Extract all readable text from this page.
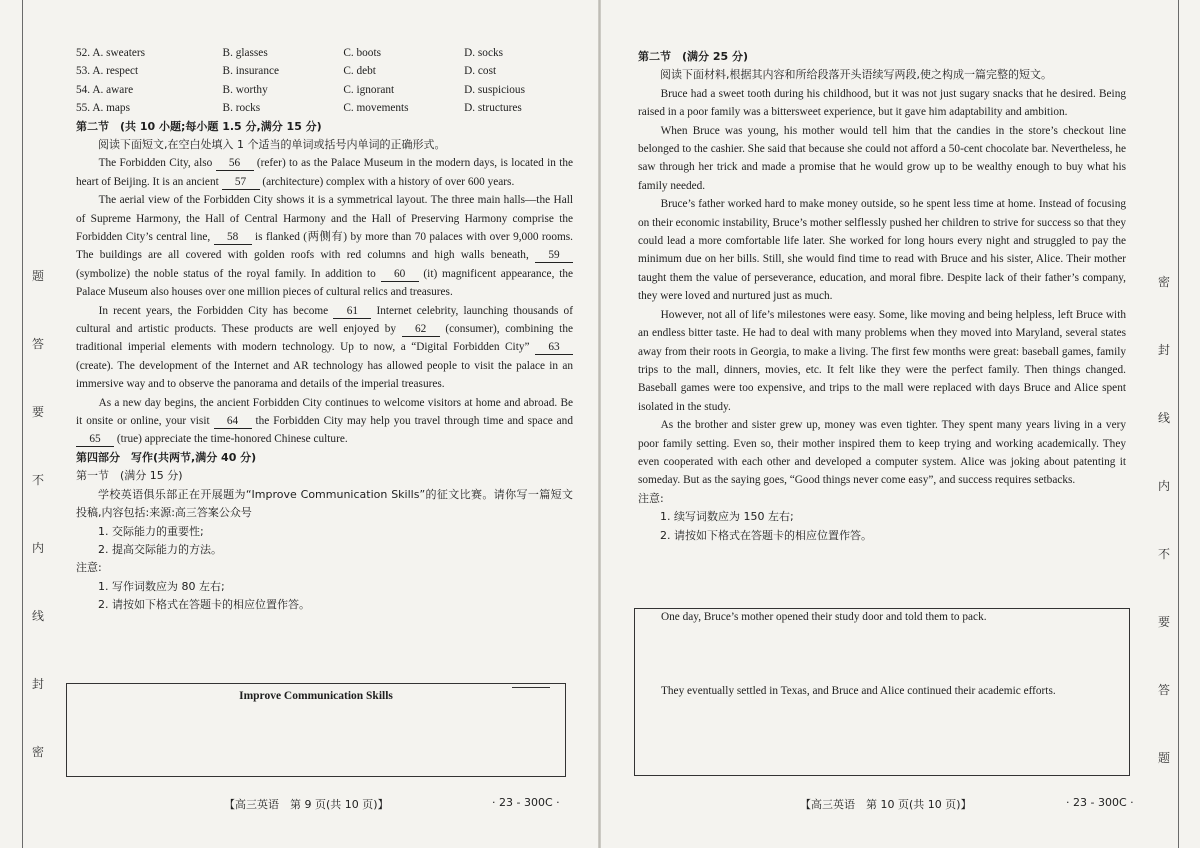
题
答
要
不
内
线
封
密
52. A. sweaters	B. glasses	C. boots	D. socks
53. A. respect	B. insurance	C. debt	D. cost
54. A. aware	B. worthy	C. ignorant	D. suspicious
55. A. maps	B. rocks	C. movements	D. structures

第二节　(共 10 小题;每小题 1.5 分,满分 15 分)

阅读下面短文,在空白处填入 1 个适当的单词或括号内单词的正确形式。

The Forbidden City, also 56 (refer) to as the Palace Museum in the modern days, is located in the heart of Beijing. It is an ancient 57 (architecture) complex with a history of over 600 years.

The aerial view of the Forbidden City shows it is a symmetrical layout. The three main halls—the Hall of Supreme Harmony, the Hall of Central Harmony and the Hall of Preserving Harmony comprise the Forbidden City’s central line, 58 is flanked (两侧有) by more than 70 palaces with over 9,000 rooms. The buildings are all covered with golden roofs with red columns and high walls beneath, 59 (symbolize) the noble status of the royal family. In addition to 60 (it) magnificent appearance, the Palace Museum also houses over one million pieces of cultural relics and treasures.

In recent years, the Forbidden City has become 61 Internet celebrity, launching thousands of cultural and artistic products. These products are well enjoyed by 62 (consumer), combining the traditional imperial elements with modern technology. Up to now, a “Digital Forbidden City” 63 (create). The development of the Internet and AR technology has allowed people to visit the palace in an immersive way and to observe the panorama and details of the imperial treasures.

As a new day begins, the ancient Forbidden City continues to welcome visitors at home and abroad. Be it onsite or online, your visit 64 the Forbidden City may help you travel through time and space and 65 (true) appreciate the time-honored Chinese culture.

第四部分　写作(共两节,满分 40 分)

第一节　(满分 15 分)

学校英语俱乐部正在开展题为“Improve Communication Skills”的征文比赛。请你写一篇短文投稿,内容包括:来源:高三答案公众号

1. 交际能力的重要性;

2. 提高交际能力的方法。

注意:

1. 写作词数应为 80 左右;

2. 请按如下格式在答题卡的相应位置作答。

Improve Communication Skills
【高三英语　第 9 页(共 10 页)】	· 23 - 300C ·

第二节　(满分 25 分)

阅读下面材料,根据其内容和所给段落开头语续写两段,使之构成一篇完整的短文。

Bruce had a sweet tooth during his childhood, but it was not just sugary snacks that he desired. Being raised in a poor family was a bittersweet experience, but it gave him adaptability and ambition.

When Bruce was young, his mother would tell him that the candies in the store’s checkout line belonged to the cashier. She said that because she could not afford a 50-cent chocolate bar. Nevertheless, he saw through her trick and made a promise that he would grow up to be wealthy enough to buy what his family needed.

Bruce’s father worked hard to make money outside, so he spent less time at home. Instead of focusing on their economic instability, Bruce’s mother selflessly pushed her children to strive for success so that they could lead a more comfortable life later. She worked for long hours every night and struggled to pay the minimum due on her bills. Still, she would find time to read with Bruce and his sister, Alice. Their mother taught them the value of perseverance, education, and moral fibre. Despite lack of their father’s company, they were loved and nurtured just as much.

However, not all of life’s milestones were easy. Some, like moving and being helpless, left Bruce with an endless bitter taste. He had to deal with many problems when they moved into Maryland, several states away from their roots in Georgia, to make a living. The first few months were great: baseball games, family trips to the mall, dinners, movies, etc. It felt like they were the perfect family. Then things changed. Baseball games were too expensive, and trips to the mall were replaced with days Bruce and Alice spent isolated in the study.

As the brother and sister grew up, money was even tighter. They spent many years living in a very poor family setting. Even so, their mother inspired them to keep trying and working academically. They even cooperated with each other and developed a computer system. Alice was joking about patenting it someday. But as the saying goes, “Good things never come easy”, and success requires setbacks.

注意:

1. 续写词数应为 150 左右;

2. 请按如下格式在答题卡的相应位置作答。

One day, Bruce’s mother opened their study door and told them to pack.
They eventually settled in Texas, and Bruce and Alice continued their academic efforts.
【高三英语　第 10 页(共 10 页)】	· 23 - 300C ·
密
封
线
内
不
要
答
题
